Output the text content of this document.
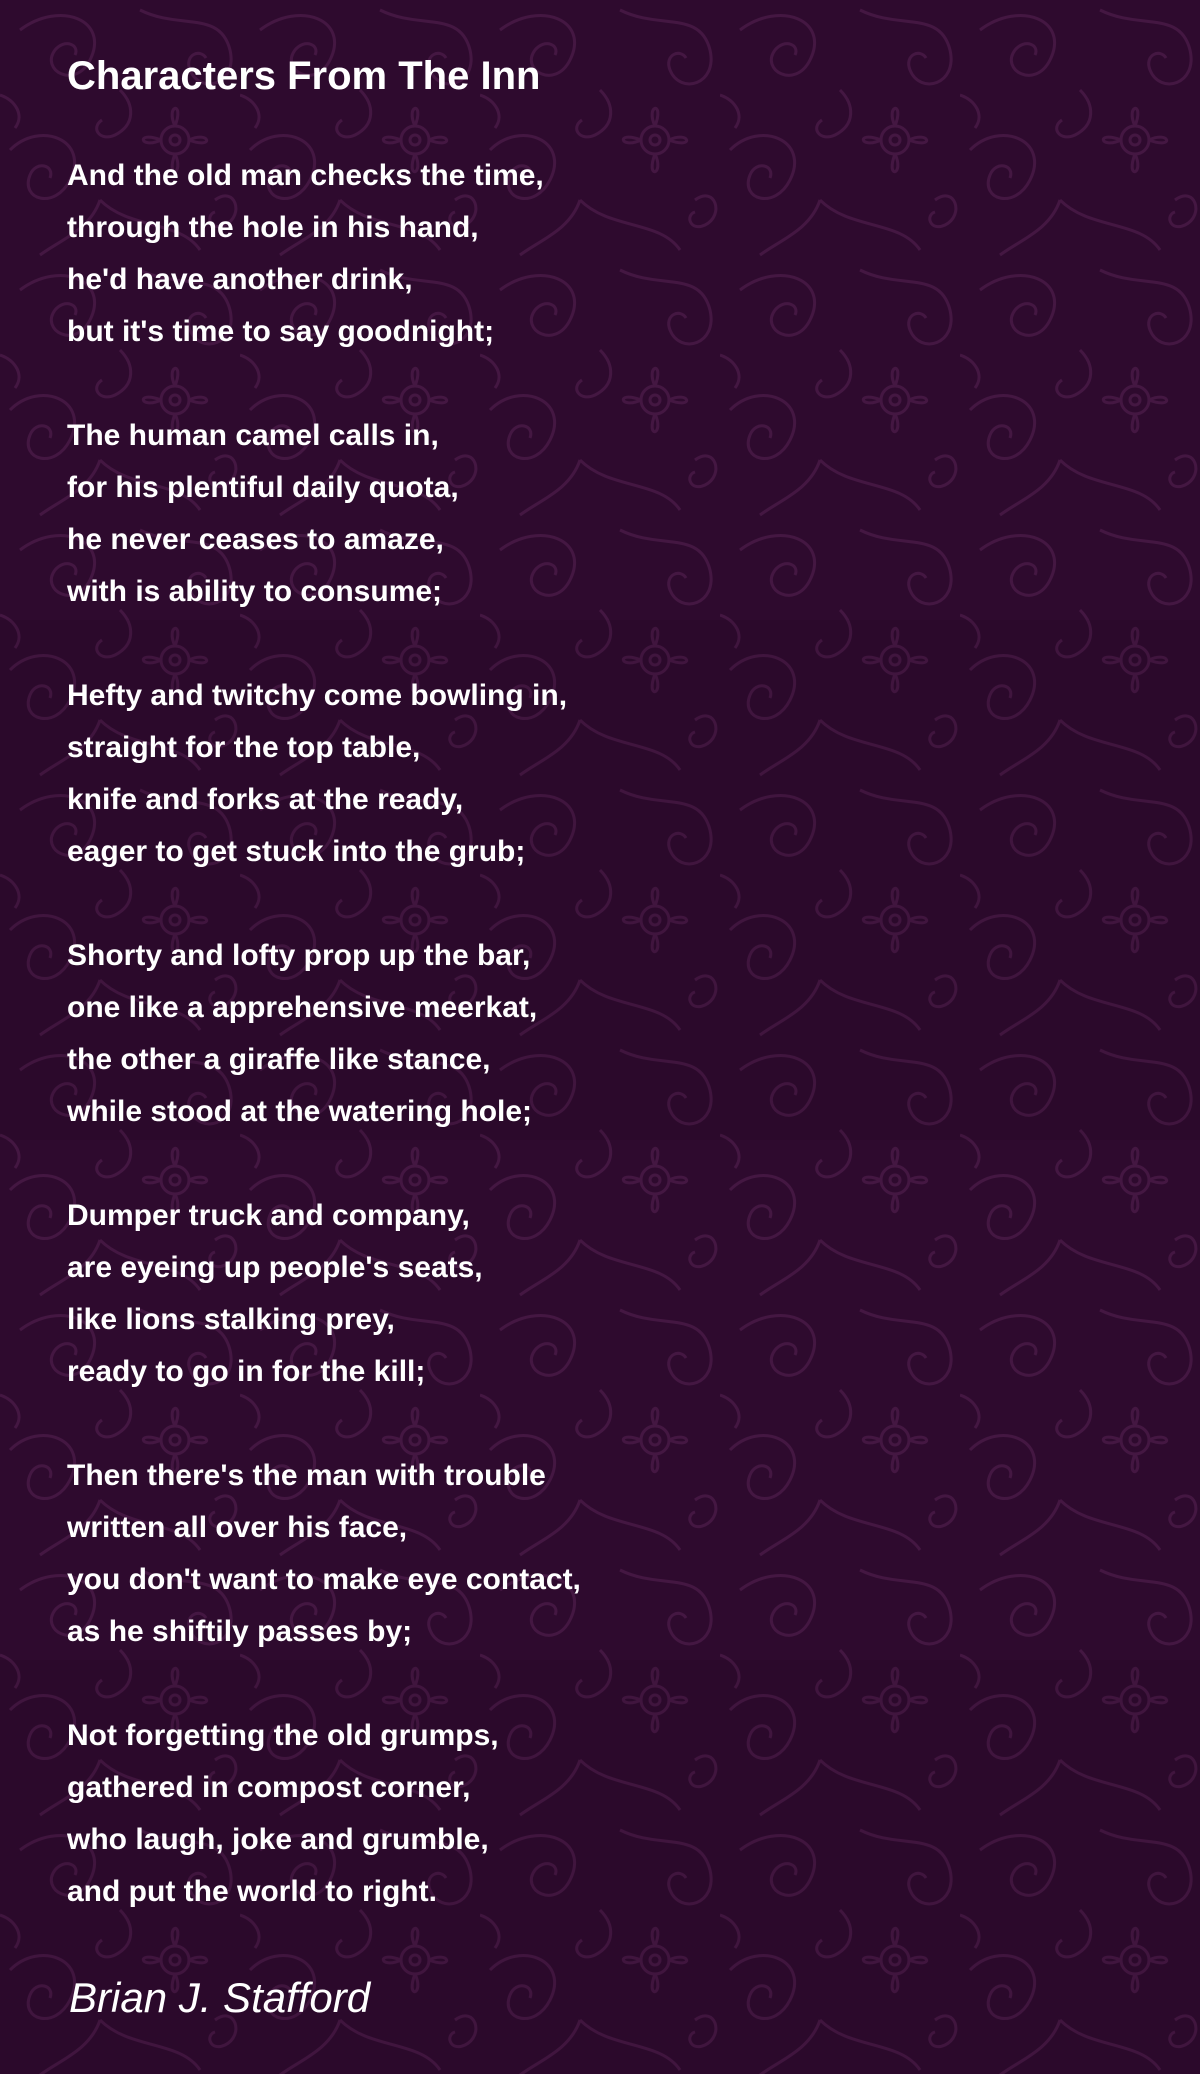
Characters From The Inn
And the old man checks the time,
through the hole in his hand,
he'd have another drink,
but it's time to say goodnight;
The human camel calls in,
for his plentiful daily quota,
he never ceases to amaze,
with is ability to consume;
Hefty and twitchy come bowling in,
straight for the top table,
knife and forks at the ready,
eager to get stuck into the grub;
Shorty and lofty prop up the bar,
one like a apprehensive meerkat,
the other a giraffe like stance,
while stood at the watering hole;
Dumper truck and company,
are eyeing up people's seats,
like lions stalking prey,
ready to go in for the kill;
Then there's the man with trouble
written all over his face,
you don't want to make eye contact,
as he shiftily passes by;
Not forgetting the old grumps,
gathered in compost corner,
who laugh, joke and grumble,
and put the world to right.
Brian J. Stafford
